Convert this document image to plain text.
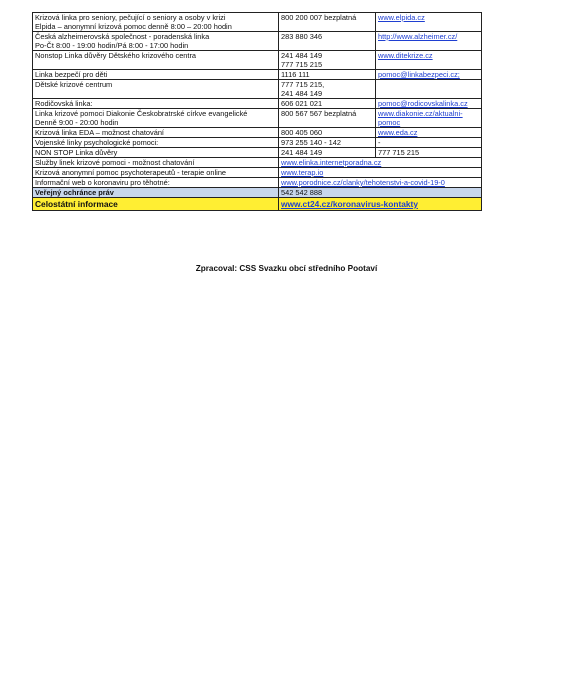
Krizová linka pro seniory, pečující o seniory a osoby v krizi
Elpida – anonymní krizová pomoc denně 8:00 – 20:00 hodin	800 200 007 bezplatná	www.elpida.cz

Česká alzheimerovská společnost - poradenská linka
Po-Čt 8:00 - 19:00 hodin/Pá 8:00 - 17:00 hodin	283 880 346	http://www.alzheimer.cz/

Nonstop Linka důvěry Dětského krizového centra	241 484 149
777 715 215	www.ditekrize.cz

Linka bezpečí pro děti	1116 111	pomoc@linkabezpeci.cz;

Dětské krizové centrum	777 715 215,
241 484 149	

Rodičovská linka:	606 021 021	pomoc@rodicovskalinka.cz

Linka krizové pomoci Diakonie Českobratrské církve evangelické
Denně 9:00 - 20:00 hodin	800 567 567 bezplatná	www.diakonie.cz/aktualni-
pomoc

Krizová linka EDA – možnost chatování	800 405 060	www.eda.cz

Vojenské linky psychologické pomoci:	973 255 140 - 142	-

NON STOP Linka důvěry	241 484 149	777 715 215

Služby linek krizové pomoci - možnost chatování	www.elinka.internetporadna.cz	

Krizová anonymní pomoc psychoterapeutů - terapie online	www.terap.io	

Informační web o koronaviru pro těhotné:	www.porodnice.cz/clanky/tehotenstvi-a-covid-19-0	

Veřejný ochránce práv	542 542 888	
Celostátní informace	www.ct24.cz/koronavirus-kontakty	
Zpracoval: CSS Svazku obcí středního Pootaví
